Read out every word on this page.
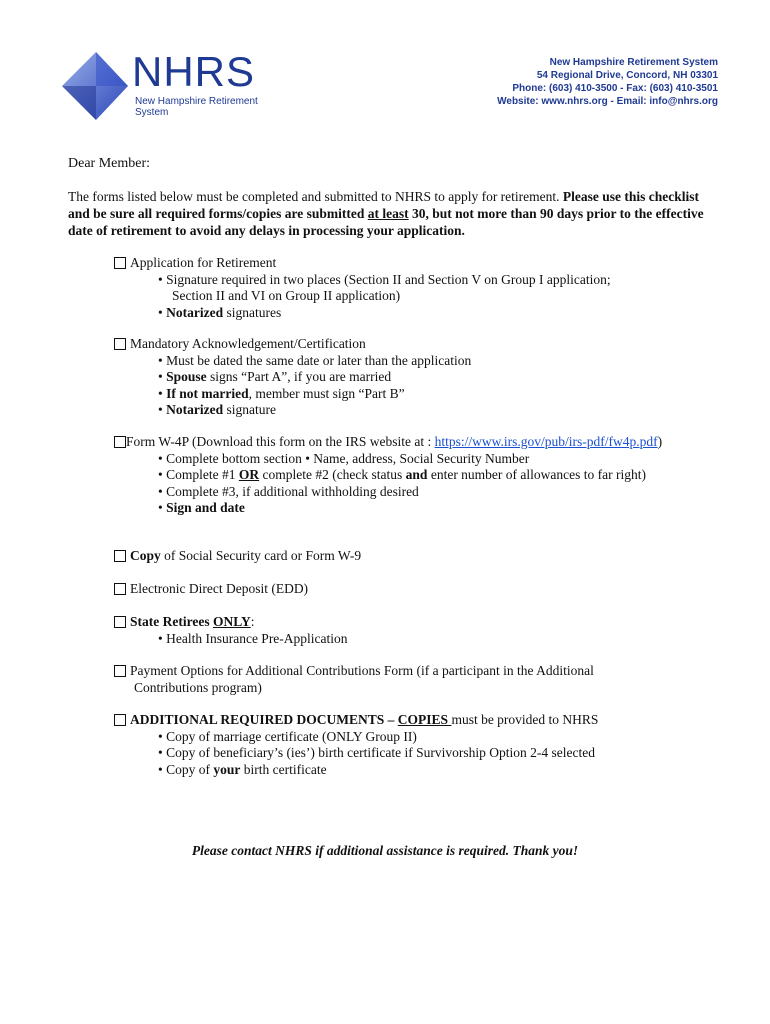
NHRS
New Hampshire Retirement System
New Hampshire Retirement System
54 Regional Drive, Concord, NH 03301
Phone: (603) 410-3500 - Fax: (603) 410-3501
Website: www.nhrs.org - Email: info@nhrs.org
Dear Member:
The forms listed below must be completed and submitted to NHRS to apply for retirement. Please use this checklist and be sure all required forms/copies are submitted at least 30, but not more than 90 days prior to the effective date of retirement to avoid any delays in processing your application.
Application for Retirement
• Signature required in two places (Section II and Section V on Group I application;
Section II and VI on Group II application)
• Notarized signatures
Mandatory Acknowledgement/Certification
• Must be dated the same date or later than the application
• Spouse signs “Part A”, if you are married
• If not married, member must sign “Part B”
• Notarized signature
Form W-4P (Download this form on the IRS website at : https://www.irs.gov/pub/irs-pdf/fw4p.pdf)
• Complete bottom section • Name, address, Social Security Number
• Complete #1 OR complete #2 (check status and enter number of allowances to far right)
• Complete #3, if additional withholding desired
• Sign and date
Copy of Social Security card or Form W-9
Electronic Direct Deposit (EDD)
State Retirees ONLY:
• Health Insurance Pre-Application
Payment Options for Additional Contributions Form (if a participant in the Additional
Contributions program)
ADDITIONAL REQUIRED DOCUMENTS – COPIES must be provided to NHRS
• Copy of marriage certificate (ONLY Group II)
• Copy of beneficiary’s (ies’) birth certificate if Survivorship Option 2-4 selected
• Copy of your birth certificate
Please contact NHRS if additional assistance is required. Thank you!
